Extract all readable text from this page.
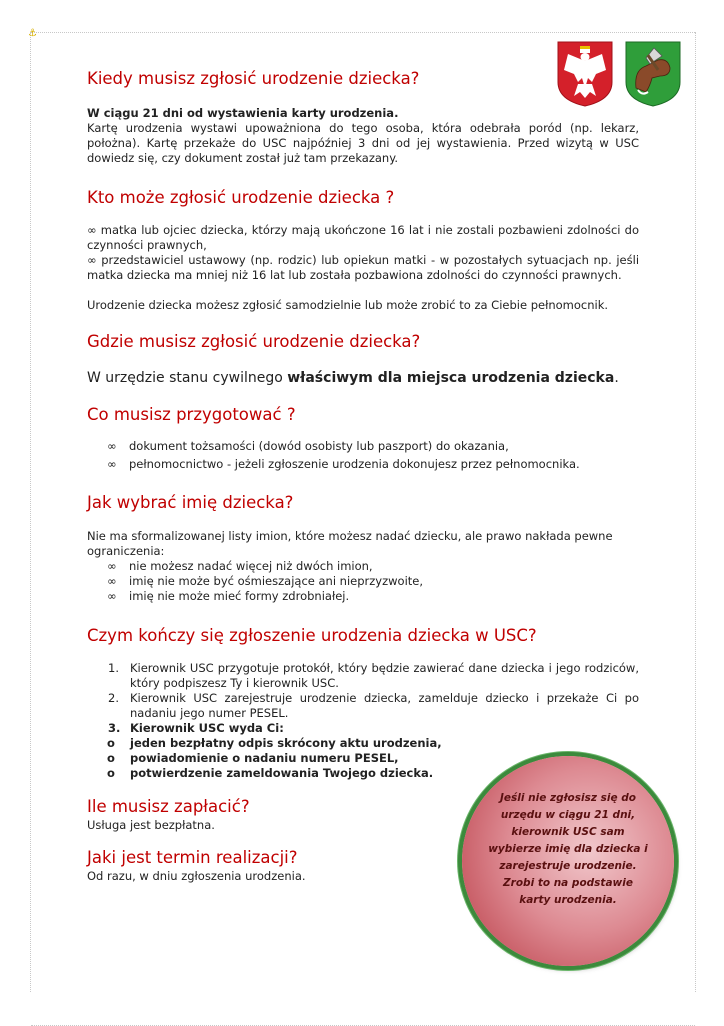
⚓
Kiedy musisz zgłosić urodzenie dziecka?

W ciągu 21 dni od wystawienia karty urodzenia.

Kartę urodzenia wystawi upoważniona do tego osoba, która odebrała poród (np. lekarz, położna). Kartę przekaże do USC najpóźniej 3 dni od jej wystawienia. Przed wizytą w USC dowiedz się, czy dokument został już tam przekazany.

Kto może zgłosić urodzenie dziecka ?
∞ matka lub ojciec dziecka, którzy mają ukończone 16 lat i nie zostali pozbawieni zdolności do czynności prawnych,
∞ przedstawiciel ustawowy (np. rodzic) lub opiekun matki - w pozostałych sytuacjach np. jeśli matka dziecka ma mniej niż 16 lat lub została pozbawiona zdolności do czynności prawnych.

Urodzenie dziecka możesz zgłosić samodzielnie lub może zrobić to za Ciebie pełnomocnik.

Gdzie musisz zgłosić urodzenie dziecka?

W urzędzie stanu cywilnego właściwym dla miejsca urodzenia dziecka.

Co musisz przygotować ?
∞ dokument tożsamości (dowód osobisty lub paszport) do okazania,
∞ pełnomocnictwo - jeżeli zgłoszenie urodzenia dokonujesz przez pełnomocnika.
Jak wybrać imię dziecka?

Nie ma sformalizowanej listy imion, które możesz nadać dziecku, ale prawo nakłada pewne ograniczenia:

∞ nie możesz nadać więcej niż dwóch imion,
∞ imię nie może być ośmieszające ani nieprzyzwoite,
∞ imię nie może mieć formy zdrobniałej.
Czym kończy się zgłoszenie urodzenia dziecka w USC?
1. Kierownik USC przygotuje protokół, który będzie zawierać dane dziecka i jego rodziców, który podpiszesz Ty i kierownik USC.
2. Kierownik USC zarejestruje urodzenie dziecka, zamelduje dziecko i przekaże Ci po nadaniu jego numer PESEL.
3. Kierownik USC wyda Ci:
o jeden bezpłatny odpis skrócony aktu urodzenia,
o powiadomienie o nadaniu numeru PESEL,
o potwierdzenie zameldowania Twojego dziecka.
Ile musisz zapłacić?

Usługa jest bezpłatna.

Jaki jest termin realizacji?

Od razu, w dniu zgłoszenia urodzenia.

Jeśli nie zgłosisz się do urzędu w ciągu 21 dni, kierownik USC sam wybierze imię dla dziecka i zarejestruje urodzenie. Zrobi to na podstawie karty urodzenia.
